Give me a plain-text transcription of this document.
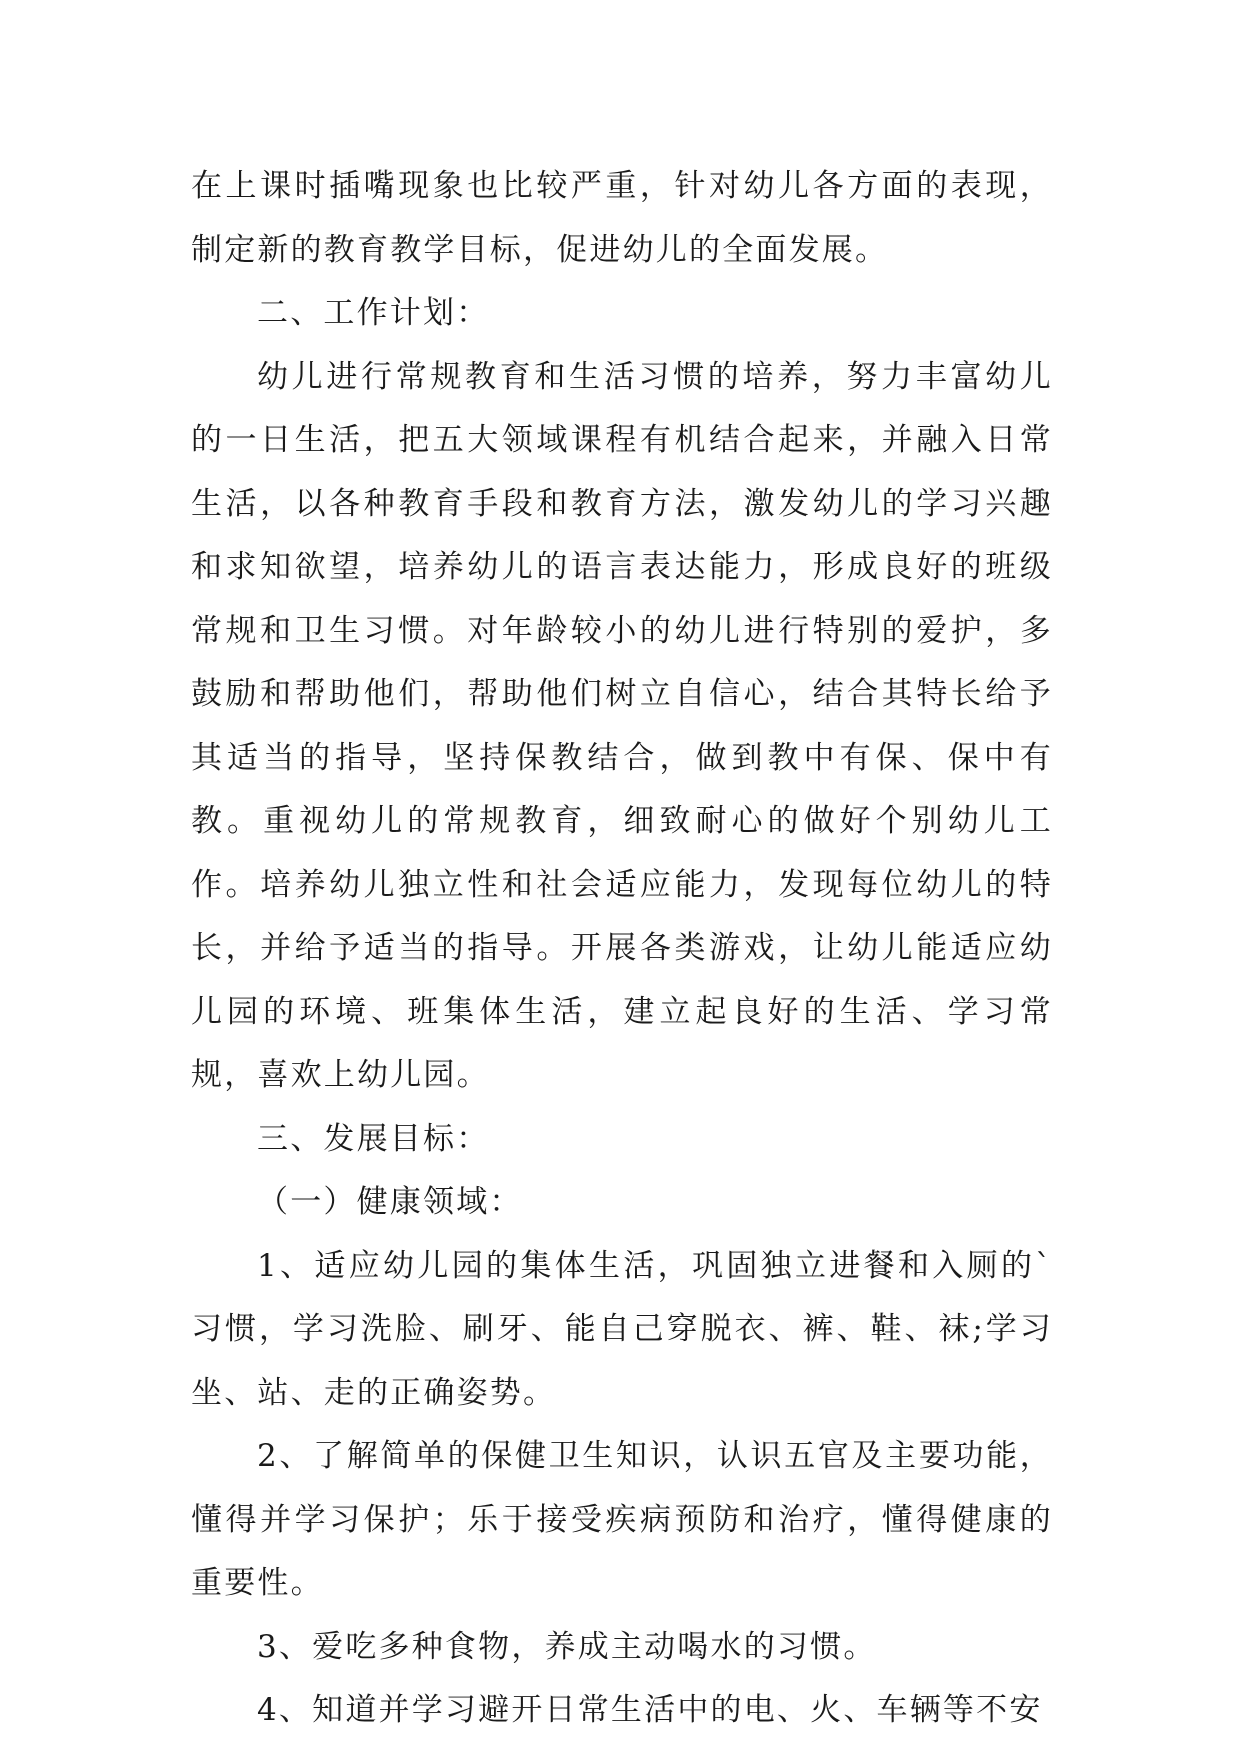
在上课时插嘴现象也比较严重，针对幼儿各方面的表现，制定新的教育教学目标，促进幼儿的全面发展。

二、工作计划：

幼儿进行常规教育和生活习惯的培养，努力丰富幼儿的一日生活，把五大领域课程有机结合起来，并融入日常生活，以各种教育手段和教育方法，激发幼儿的学习兴趣和求知欲望，培养幼儿的语言表达能力，形成良好的班级常规和卫生习惯。对年龄较小的幼儿进行特别的爱护，多鼓励和帮助他们，帮助他们树立自信心，结合其特长给予其适当的指导，坚持保教结合，做到教中有保、保中有教。重视幼儿的常规教育，细致耐心的做好个别幼儿工作。培养幼儿独立性和社会适应能力，发现每位幼儿的特长，并给予适当的指导。开展各类游戏，让幼儿能适应幼儿园的环境、班集体生活，建立起良好的生活、学习常规，喜欢上幼儿园。

三、发展目标：

（一）健康领域：

1、适应幼儿园的集体生活，巩固独立进餐和入厕的`习惯，学习洗脸、刷牙、能自己穿脱衣、裤、鞋、袜;学习坐、站、走的正确姿势。

2、了解简单的保健卫生知识，认识五官及主要功能，懂得并学习保护；乐于接受疾病预防和治疗，懂得健康的重要性。

3、爱吃多种食物，养成主动喝水的习惯。

4、知道并学习避开日常生活中的电、火、车辆等不安
